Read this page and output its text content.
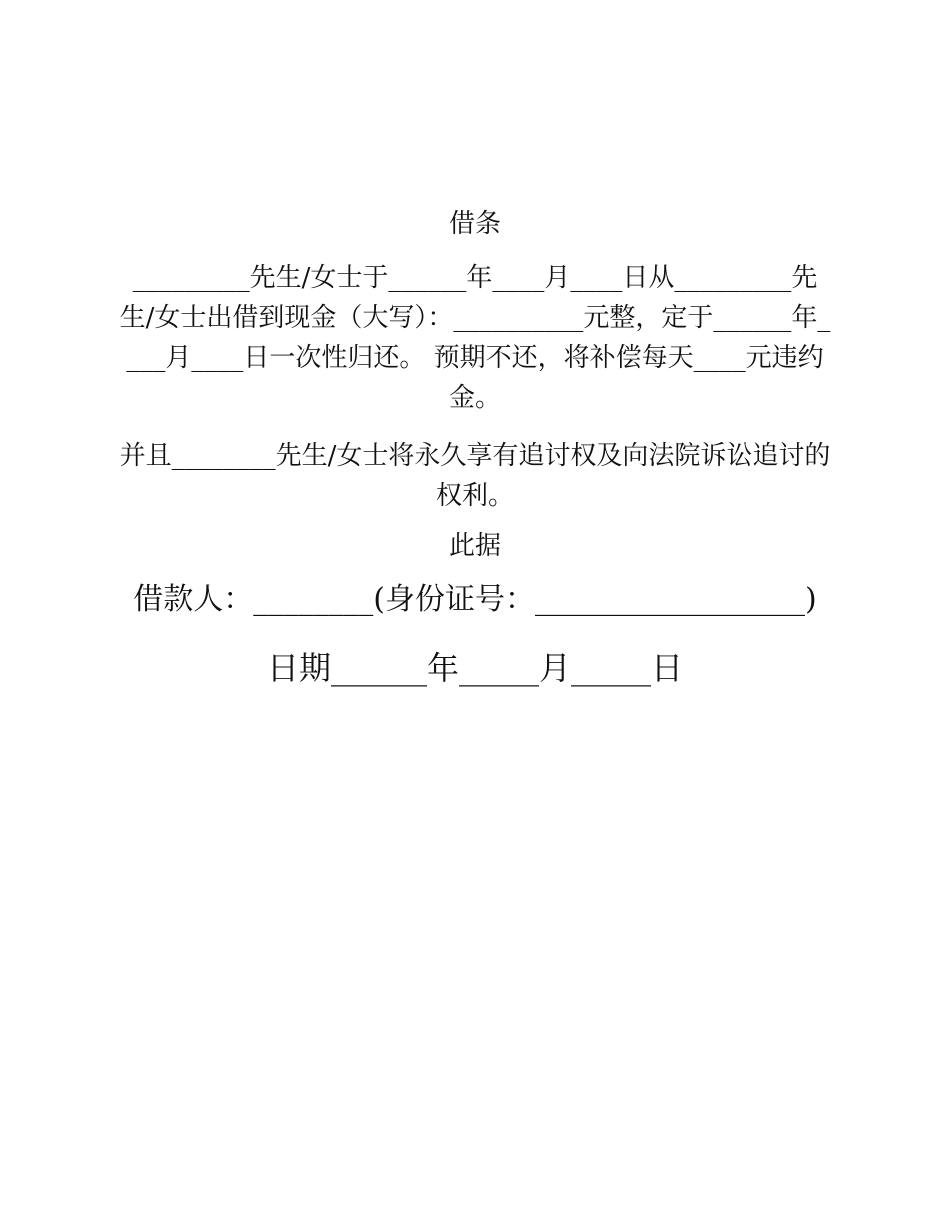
借条
_________先生/女士于______年____月____日从_________先生/女士出借到现金（大写）：__________元整，定于______年____月____日一次性归还。 预期不还，将补偿每天____元违约金。
并且________先生/女士将永久享有追讨权及向法院诉讼追讨的权利。
此据
借款人：________(身份证号：__________________)
日期______年_____月_____日
